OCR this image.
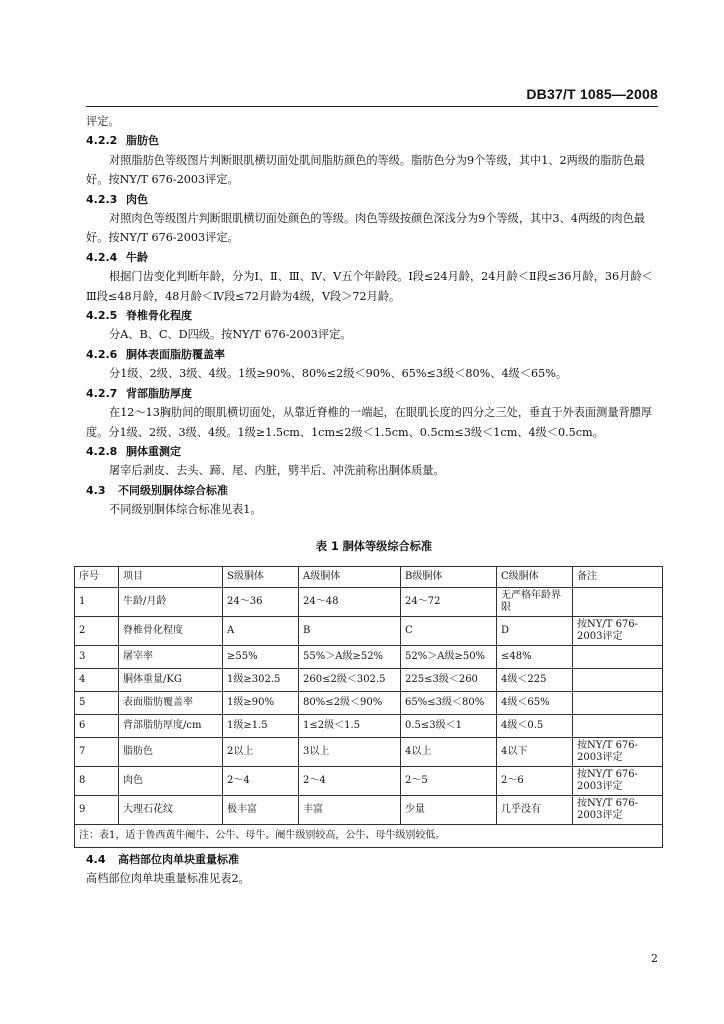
DB37/T 1085—2008

评定。

4.2.2 脂肪色

对照脂肪色等级图片判断眼肌横切面处肌间脂肪颜色的等级。脂肪色分为9个等级，其中1、2两级的脂肪色最好。按NY/T 676-2003评定。

4.2.3 肉色

对照肉色等级图片判断眼肌横切面处颜色的等级。肉色等级按颜色深浅分为9个等级，其中3、4两级的肉色最好。按NY/T 676-2003评定。

4.2.4 牛龄

根据门齿变化判断年龄，分为Ⅰ、Ⅱ、Ⅲ、Ⅳ、Ⅴ五个年龄段。Ⅰ段≤24月龄，24月龄＜Ⅱ段≤36月龄，36月龄＜Ⅲ段≤48月龄，48月龄＜Ⅳ段≤72月龄为4级，Ⅴ段＞72月龄。

4.2.5 脊椎骨化程度

分A、B、C、D四级。按NY/T 676-2003评定。

4.2.6 胴体表面脂肪覆盖率

分1级、2级、3级、4级。1级≥90%、80%≤2级＜90%、65%≤3级＜80%、4级＜65%。

4.2.7 背部脂肪厚度

在12～13胸肋间的眼肌横切面处，从靠近脊椎的一端起，在眼肌长度的四分之三处，垂直于外表面测量背膘厚度。分1级、2级、3级、4级。1级≥1.5cm、1cm≤2级＜1.5cm、0.5cm≤3级＜1cm、4级＜0.5cm。

4.2.8 胴体重测定

屠宰后剥皮、去头、蹄、尾、内脏，劈半后、冲洗前称出胴体质量。

4.3 不同级别胴体综合标准

不同级别胴体综合标准见表1。

表 1 胴体等级综合标准
序号	项目	S级胴体	A级胴体	B级胴体	C级胴体	备注
1	牛龄/月龄	24～36	24～48	24～72	无严格年龄界限	
2	脊椎骨化程度	A	B	C	D	按NY/T 676-2003评定
3	屠宰率	≥55%	55%＞A级≥52%	52%＞A级≥50%	≤48%	
4	胴体重量/KG	1级≥302.5	260≤2级＜302.5	225≤3级＜260	4级＜225	
5	表面脂肪覆盖率	1级≥90%	80%≤2级＜90%	65%≤3级＜80%	4级＜65%	
6	背部脂肪厚度/cm	1级≥1.5	1≤2级＜1.5	0.5≤3级＜1	4级＜0.5	
7	脂肪色	2以上	3以上	4以上	4以下	按NY/T 676-2003评定
8	肉色	2～4	2～4	2～5	2～6	按NY/T 676-2003评定
9	大理石花纹	极丰富	丰富	少量	几乎没有	按NY/T 676-2003评定
注：表1，适于鲁西黄牛阉牛、公牛、母牛。阉牛级别较高，公牛、母牛级别较低。						

4.4 高档部位肉单块重量标准

高档部位肉单块重量标准见表2。

2
